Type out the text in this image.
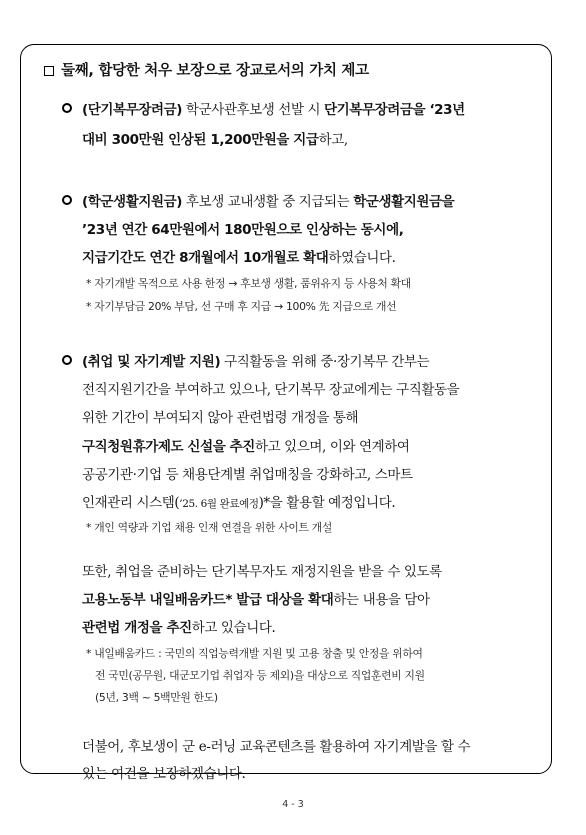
둘째, 합당한 처우 보장으로 장교로서의 가치 제고
(단기복무장려금) 학군사관후보생 선발 시 단기복무장려금을 ‘23년
대비 300만원 인상된 1,200만원을 지급하고,
(학군생활지원금) 후보생 교내생활 중 지급되는 학군생활지원금을
’23년 연간 64만원에서 180만원으로 인상하는 동시에,
지급기간도 연간 8개월에서 10개월로 확대하였습니다.
* 자기개발 목적으로 사용 한정 → 후보생 생활, 품위유지 등 사용처 확대
* 자기부담금 20% 부담, 선 구매 후 지급 → 100% 先 지급으로 개선
(취업 및 자기계발 지원) 구직활동을 위해 중·장기복무 간부는
전직지원기간을 부여하고 있으나, 단기복무 장교에게는 구직활동을
위한 기간이 부여되지 않아 관련법령 개정을 통해
구직청원휴가제도 신설을 추진하고 있으며, 이와 연계하여
공공기관·기업 등 채용단계별 취업매칭을 강화하고, 스마트
인재관리 시스템(’25. 6월 완료예정)*을 활용할 예정입니다.
* 개인 역량과 기업 채용 인재 연결을 위한 사이트 개설
또한, 취업을 준비하는 단기복무자도 재정지원을 받을 수 있도록
고용노동부 내일배움카드* 발급 대상을 확대하는 내용을 담아
관련법 개정을 추진하고 있습니다.
* 내일배움카드 : 국민의 직업능력개발 지원 및 고용 창출 및 안정을 위하여
전 국민(공무원, 대군모기업 취업자 등 제외)을 대상으로 직업훈련비 지원
(5년, 3백 ~ 5백만원 한도)
더불어, 후보생이 군 e-러닝 교육콘텐츠를 활용하여 자기계발을 할 수
있는 여건을 보장하겠습니다.
4 - 3
